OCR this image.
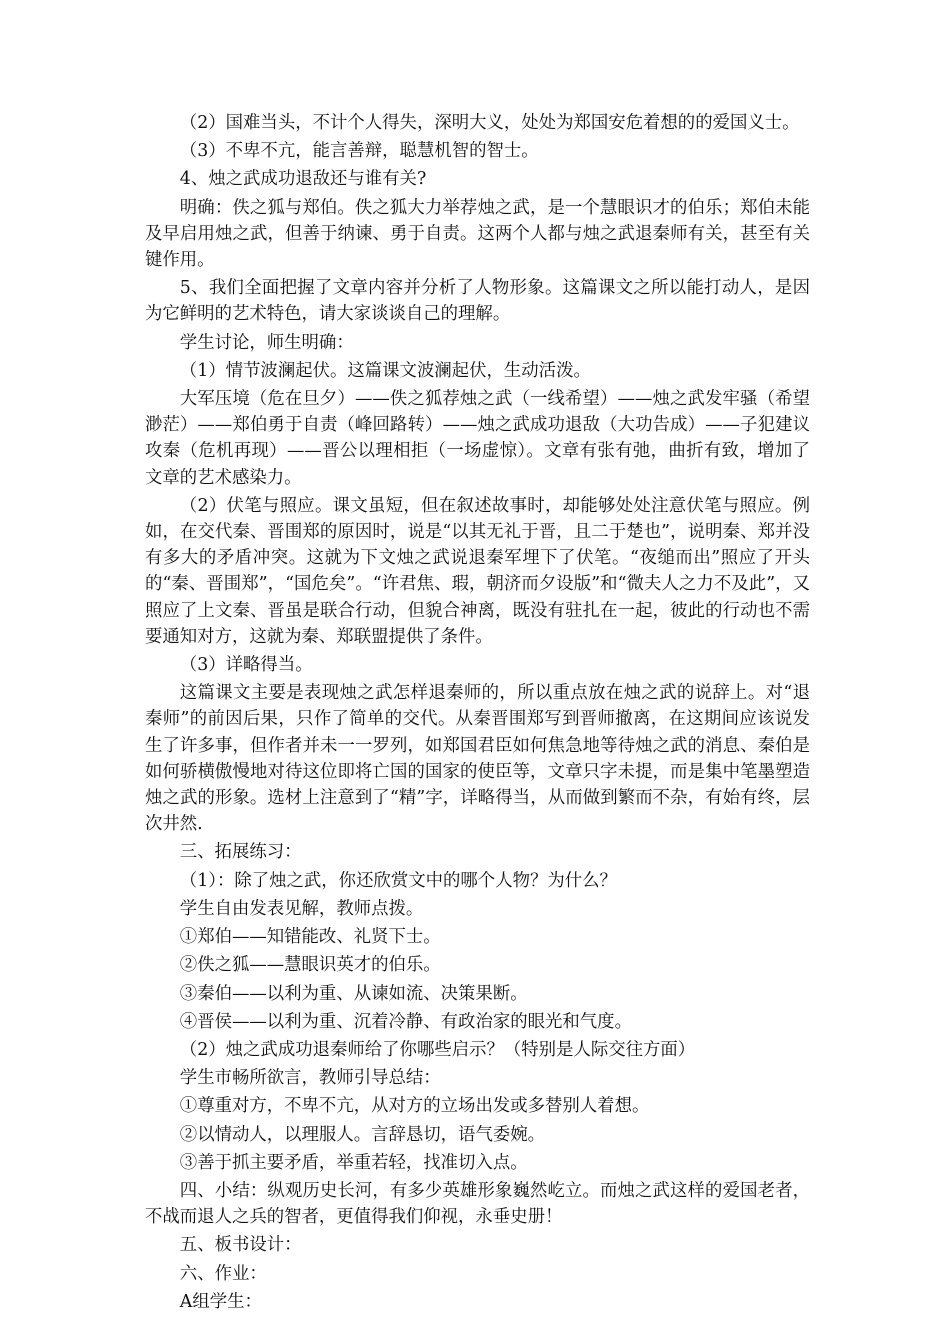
（2）国难当头，不计个人得失，深明大义，处处为郑国安危着想的的爱国义士。

（3）不卑不亢，能言善辩，聪慧机智的智士。

4、烛之武成功退敌还与谁有关?

明确：佚之狐与郑伯。佚之狐大力举荐烛之武，是一个慧眼识才的伯乐；郑伯未能及早启用烛之武，但善于纳谏、勇于自责。这两个人都与烛之武退秦师有关，甚至有关键作用。

5、我们全面把握了文章内容并分析了人物形象。这篇课文之所以能打动人，是因为它鲜明的艺术特色，请大家谈谈自己的理解。

学生讨论，师生明确：

（1）情节波澜起伏。这篇课文波澜起伏，生动活泼。

大军压境（危在旦夕）——佚之狐荐烛之武（一线希望）——烛之武发牢骚（希望渺茫）——郑伯勇于自责（峰回路转）——烛之武成功退敌（大功告成）——子犯建议攻秦（危机再现）——晋公以理相拒（一场虚惊）。文章有张有弛，曲折有致，增加了文章的艺术感染力。

（2）伏笔与照应。课文虽短，但在叙述故事时，却能够处处注意伏笔与照应。例如，在交代秦、晋围郑的原因时，说是“以其无礼于晋，且二于楚也”，说明秦、郑并没有多大的矛盾冲突。这就为下文烛之武说退秦军埋下了伏笔。“夜缒而出”照应了开头的“秦、晋围郑”，“国危矣”。“许君焦、瑕，朝济而夕设版”和“微夫人之力不及此”，又照应了上文秦、晋虽是联合行动，但貌合神离，既没有驻扎在一起，彼此的行动也不需要通知对方，这就为秦、郑联盟提供了条件。

（3）详略得当。

这篇课文主要是表现烛之武怎样退秦师的，所以重点放在烛之武的说辞上。对“退秦师”的前因后果，只作了简单的交代。从秦晋围郑写到晋师撤离，在这期间应该说发生了许多事，但作者并未一一罗列，如郑国君臣如何焦急地等待烛之武的消息、秦伯是如何骄横傲慢地对待这位即将亡国的国家的使臣等，文章只字未提，而是集中笔墨塑造烛之武的形象。选材上注意到了“精”字，详略得当，从而做到繁而不杂，有始有终，层次井然.

三、拓展练习：

（1）：除了烛之武，你还欣赏文中的哪个人物？为什么？

学生自由发表见解，教师点拨。

①郑伯——知错能改、礼贤下士。

②佚之狐——慧眼识英才的伯乐。

③秦伯——以利为重、从谏如流、决策果断。

④晋侯——以利为重、沉着冷静、有政治家的眼光和气度。

（2）烛之武成功退秦师给了你哪些启示？（特别是人际交往方面）

学生市畅所欲言，教师引导总结：

①尊重对方，不卑不亢，从对方的立场出发或多替别人着想。

②以情动人，以理服人。言辞恳切，语气委婉。

③善于抓主要矛盾，举重若轻，找准切入点。

四、小结：纵观历史长河，有多少英雄形象巍然屹立。而烛之武这样的爱国老者，不战而退人之兵的智者，更值得我们仰视，永垂史册！

五、板书设计：

六、作业：

A组学生：
